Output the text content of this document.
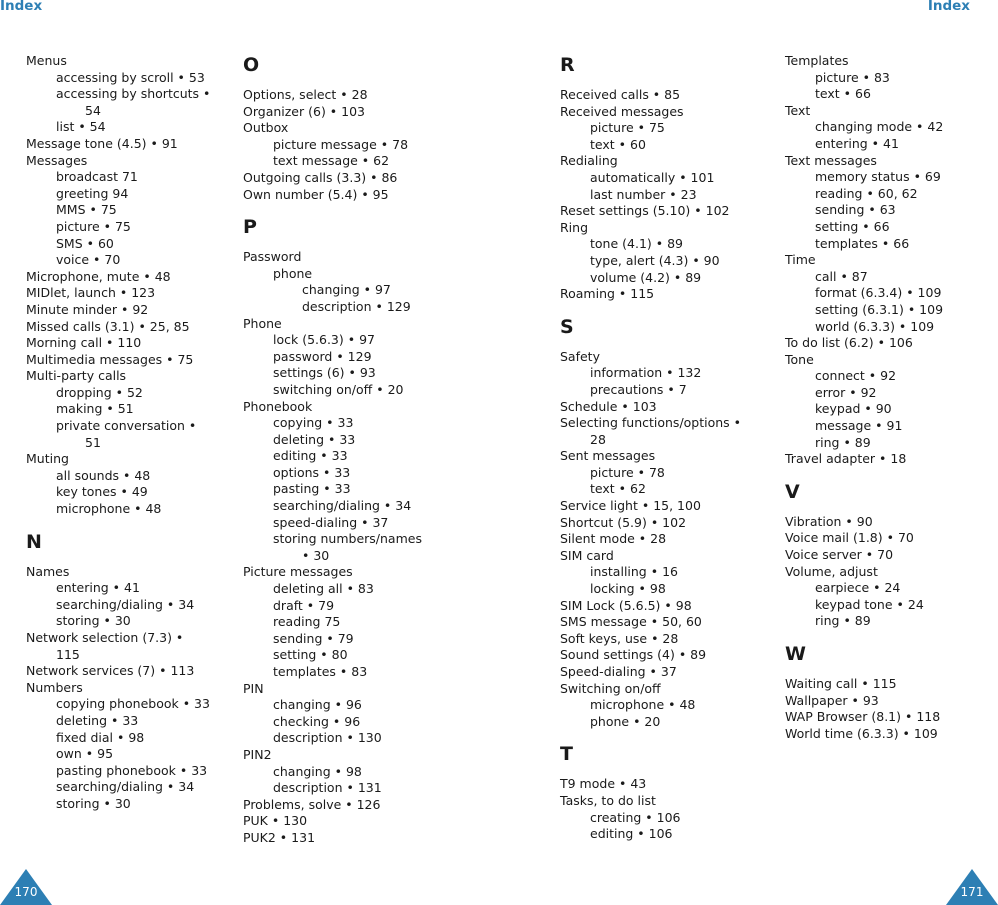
Index	Index
Menus
accessing by scroll • 53
accessing by shortcuts •
54
list • 54
Message tone (4.5) • 91
Messages
broadcast 71
greeting 94
MMS • 75
picture • 75
SMS • 60
voice • 70
Microphone, mute • 48
MIDlet, launch • 123
Minute minder • 92
Missed calls (3.1) • 25, 85
Morning call • 110
Multimedia messages • 75
Multi-party calls
dropping • 52
making • 51
private conversation •
51
Muting
all sounds • 48
key tones • 49
microphone • 48
N
Names
entering • 41
searching/dialing • 34
storing • 30
Network selection (7.3) •
115
Network services (7) • 113
Numbers
copying phonebook • 33
deleting • 33
fixed dial • 98
own • 95
pasting phonebook • 33
searching/dialing • 34
storing • 30
O
Options, select • 28
Organizer (6) • 103
Outbox
picture message • 78
text message • 62
Outgoing calls (3.3) • 86
Own number (5.4) • 95
P
Password
phone
changing • 97
description • 129
Phone
lock (5.6.3) • 97
password • 129
settings (6) • 93
switching on/off • 20
Phonebook
copying • 33
deleting • 33
editing • 33
options • 33
pasting • 33
searching/dialing • 34
speed-dialing • 37
storing numbers/names
• 30
Picture messages
deleting all • 83
draft • 79
reading 75
sending • 79
setting • 80
templates • 83
PIN
changing • 96
checking • 96
description • 130
PIN2
changing • 98
description • 131
Problems, solve • 126
PUK • 130
PUK2 • 131
R
Received calls • 85
Received messages
picture • 75
text • 60
Redialing
automatically • 101
last number • 23
Reset settings (5.10) • 102
Ring
tone (4.1) • 89
type, alert (4.3) • 90
volume (4.2) • 89
Roaming • 115
S
Safety
information • 132
precautions • 7
Schedule • 103
Selecting functions/options •
28
Sent messages
picture • 78
text • 62
Service light • 15, 100
Shortcut (5.9) • 102
Silent mode • 28
SIM card
installing • 16
locking • 98
SIM Lock (5.6.5) • 98
SMS message • 50, 60
Soft keys, use • 28
Sound settings (4) • 89
Speed-dialing • 37
Switching on/off
microphone • 48
phone • 20
T
T9 mode • 43
Tasks, to do list
creating • 106
editing • 106
Templates
picture • 83
text • 66
Text
changing mode • 42
entering • 41
Text messages
memory status • 69
reading • 60, 62
sending • 63
setting • 66
templates • 66
Time
call • 87
format (6.3.4) • 109
setting (6.3.1) • 109
world (6.3.3) • 109
To do list (6.2) • 106
Tone
connect • 92
error • 92
keypad • 90
message • 91
ring • 89
Travel adapter • 18
V
Vibration • 90
Voice mail (1.8) • 70
Voice server • 70
Volume, adjust
earpiece • 24
keypad tone • 24
ring • 89
W
Waiting call • 115
Wallpaper • 93
WAP Browser (8.1) • 118
World time (6.3.3) • 109
170	171
